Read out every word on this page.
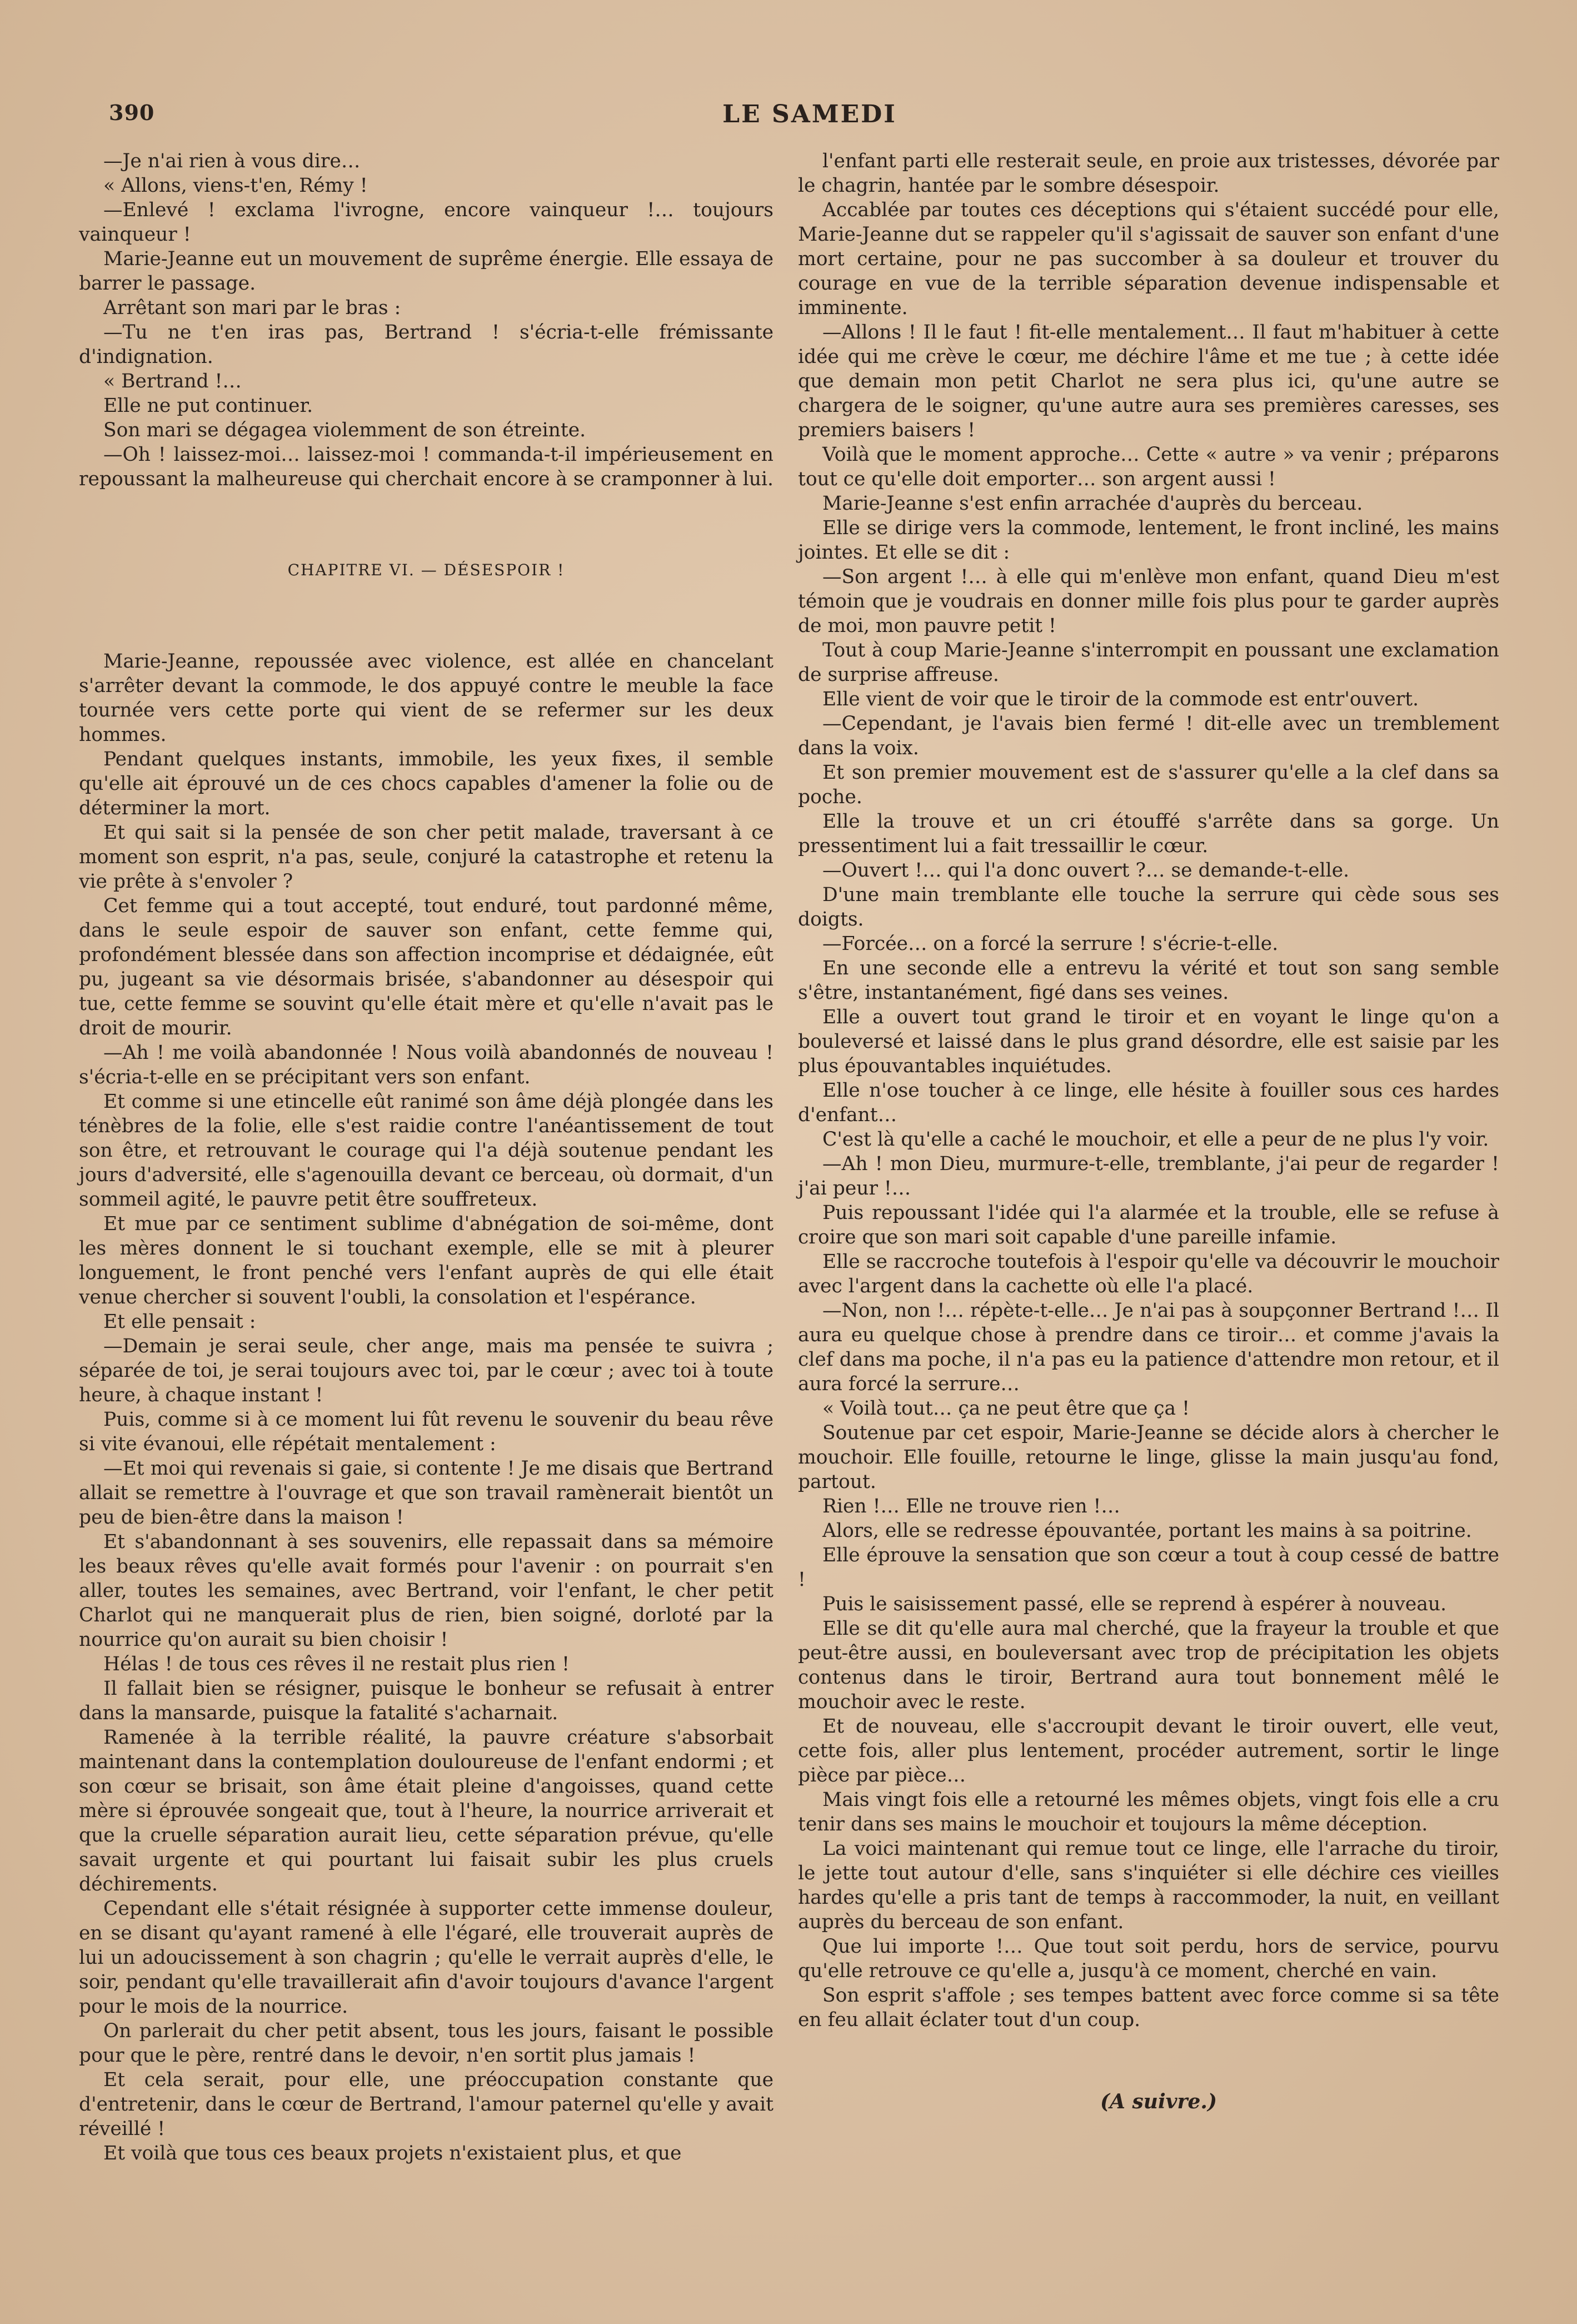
390	LE SAMEDI

—Je n'ai rien à vous dire…

« Allons, viens-t'en, Rémy !

—Enlevé ! exclama l'ivrogne, encore vainqueur !… toujours vainqueur !

Marie-Jeanne eut un mouvement de suprême énergie. Elle essaya de barrer le passage.

Arrêtant son mari par le bras :

—Tu ne t'en iras pas, Bertrand ! s'écria-t-elle frémissante d'indignation.

« Bertrand !…

Elle ne put continuer.

Son mari se dégagea violemment de son étreinte.

—Oh ! laissez-moi… laissez-moi ! commanda-t-il impérieusement en repoussant la malheureuse qui cherchait encore à se cramponner à lui.

CHAPITRE VI. — DÉSESPOIR !

Marie-Jeanne, repoussée avec violence, est allée en chancelant s'arrêter devant la commode, le dos appuyé contre le meuble la face tournée vers cette porte qui vient de se refermer sur les deux hommes.

Pendant quelques instants, immobile, les yeux fixes, il semble qu'elle ait éprouvé un de ces chocs capables d'amener la folie ou de déterminer la mort.

Et qui sait si la pensée de son cher petit malade, traversant à ce moment son esprit, n'a pas, seule, conjuré la catastrophe et retenu la vie prête à s'envoler ?

Cet femme qui a tout accepté, tout enduré, tout pardonné même, dans le seule espoir de sauver son enfant, cette femme qui, profondément blessée dans son affection incomprise et dédaignée, eût pu, jugeant sa vie désormais brisée, s'abandonner au désespoir qui tue, cette femme se souvint qu'elle était mère et qu'elle n'avait pas le droit de mourir.

—Ah ! me voilà abandonnée ! Nous voilà abandonnés de nouveau ! s'écria-t-elle en se précipitant vers son enfant.

Et comme si une etincelle eût ranimé son âme déjà plongée dans les ténèbres de la folie, elle s'est raidie contre l'anéantissement de tout son être, et retrouvant le courage qui l'a déjà soutenue pendant les jours d'adversité, elle s'agenouilla devant ce berceau, où dormait, d'un sommeil agité, le pauvre petit être souffreteux.

Et mue par ce sentiment sublime d'abnégation de soi-même, dont les mères donnent le si touchant exemple, elle se mit à pleurer longuement, le front penché vers l'enfant auprès de qui elle était venue chercher si souvent l'oubli, la consolation et l'espérance.

Et elle pensait :

—Demain je serai seule, cher ange, mais ma pensée te suivra ; séparée de toi, je serai toujours avec toi, par le cœur ; avec toi à toute heure, à chaque instant !

Puis, comme si à ce moment lui fût revenu le souvenir du beau rêve si vite évanoui, elle répétait mentalement :

—Et moi qui revenais si gaie, si contente ! Je me disais que Bertrand allait se remettre à l'ouvrage et que son travail ramènerait bientôt un peu de bien-être dans la maison !

Et s'abandonnant à ses souvenirs, elle repassait dans sa mémoire les beaux rêves qu'elle avait formés pour l'avenir : on pourrait s'en aller, toutes les semaines, avec Bertrand, voir l'enfant, le cher petit Charlot qui ne manquerait plus de rien, bien soigné, dorloté par la nourrice qu'on aurait su bien choisir !

Hélas ! de tous ces rêves il ne restait plus rien !

Il fallait bien se résigner, puisque le bonheur se refusait à entrer dans la mansarde, puisque la fatalité s'acharnait.

Ramenée à la terrible réalité, la pauvre créature s'absorbait maintenant dans la contemplation douloureuse de l'enfant endormi ; et son cœur se brisait, son âme était pleine d'angoisses, quand cette mère si éprouvée songeait que, tout à l'heure, la nourrice arriverait et que la cruelle séparation aurait lieu, cette séparation prévue, qu'elle savait urgente et qui pourtant lui faisait subir les plus cruels déchirements.

Cependant elle s'était résignée à supporter cette immense douleur, en se disant qu'ayant ramené à elle l'égaré, elle trouverait auprès de lui un adoucissement à son chagrin ; qu'elle le verrait auprès d'elle, le soir, pendant qu'elle travaillerait afin d'avoir toujours d'avance l'argent pour le mois de la nourrice.

On parlerait du cher petit absent, tous les jours, faisant le possible pour que le père, rentré dans le devoir, n'en sortit plus jamais !

Et cela serait, pour elle, une préoccupation constante que d'entretenir, dans le cœur de Bertrand, l'amour paternel qu'elle y avait réveillé !

Et voilà que tous ces beaux projets n'existaient plus, et que

l'enfant parti elle resterait seule, en proie aux tristesses, dévorée par le chagrin, hantée par le sombre désespoir.

Accablée par toutes ces déceptions qui s'étaient succédé pour elle, Marie-Jeanne dut se rappeler qu'il s'agissait de sauver son enfant d'une mort certaine, pour ne pas succomber à sa douleur et trouver du courage en vue de la terrible séparation devenue indispensable et imminente.

—Allons ! Il le faut ! fit-elle mentalement… Il faut m'habituer à cette idée qui me crève le cœur, me déchire l'âme et me tue ; à cette idée que demain mon petit Charlot ne sera plus ici, qu'une autre se chargera de le soigner, qu'une autre aura ses premières caresses, ses premiers baisers !

Voilà que le moment approche… Cette « autre » va venir ; préparons tout ce qu'elle doit emporter… son argent aussi !

Marie-Jeanne s'est enfin arrachée d'auprès du berceau.

Elle se dirige vers la commode, lentement, le front incliné, les mains jointes. Et elle se dit :

—Son argent !… à elle qui m'enlève mon enfant, quand Dieu m'est témoin que je voudrais en donner mille fois plus pour te garder auprès de moi, mon pauvre petit !

Tout à coup Marie-Jeanne s'interrompit en poussant une exclamation de surprise affreuse.

Elle vient de voir que le tiroir de la commode est entr'ouvert.

—Cependant, je l'avais bien fermé ! dit-elle avec un tremblement dans la voix.

Et son premier mouvement est de s'assurer qu'elle a la clef dans sa poche.

Elle la trouve et un cri étouffé s'arrête dans sa gorge. Un pressentiment lui a fait tressaillir le cœur.

—Ouvert !… qui l'a donc ouvert ?… se demande-t-elle.

D'une main tremblante elle touche la serrure qui cède sous ses doigts.

—Forcée… on a forcé la serrure ! s'écrie-t-elle.

En une seconde elle a entrevu la vérité et tout son sang semble s'être, instantanément, figé dans ses veines.

Elle a ouvert tout grand le tiroir et en voyant le linge qu'on a bouleversé et laissé dans le plus grand désordre, elle est saisie par les plus épouvantables inquiétudes.

Elle n'ose toucher à ce linge, elle hésite à fouiller sous ces hardes d'enfant…

C'est là qu'elle a caché le mouchoir, et elle a peur de ne plus l'y voir.

—Ah ! mon Dieu, murmure-t-elle, tremblante, j'ai peur de regarder ! j'ai peur !…

Puis repoussant l'idée qui l'a alarmée et la trouble, elle se refuse à croire que son mari soit capable d'une pareille infamie.

Elle se raccroche toutefois à l'espoir qu'elle va découvrir le mouchoir avec l'argent dans la cachette où elle l'a placé.

—Non, non !… répète-t-elle… Je n'ai pas à soupçonner Bertrand !… Il aura eu quelque chose à prendre dans ce tiroir… et comme j'avais la clef dans ma poche, il n'a pas eu la patience d'attendre mon retour, et il aura forcé la serrure…

« Voilà tout… ça ne peut être que ça !

Soutenue par cet espoir, Marie-Jeanne se décide alors à chercher le mouchoir. Elle fouille, retourne le linge, glisse la main jusqu'au fond, partout.

Rien !… Elle ne trouve rien !…

Alors, elle se redresse épouvantée, portant les mains à sa poitrine.

Elle éprouve la sensation que son cœur a tout à coup cessé de battre !

Puis le saisissement passé, elle se reprend à espérer à nouveau.

Elle se dit qu'elle aura mal cherché, que la frayeur la trouble et que peut-être aussi, en bouleversant avec trop de précipitation les objets contenus dans le tiroir, Bertrand aura tout bonnement mêlé le mouchoir avec le reste.

Et de nouveau, elle s'accroupit devant le tiroir ouvert, elle veut, cette fois, aller plus lentement, procéder autrement, sortir le linge pièce par pièce…

Mais vingt fois elle a retourné les mêmes objets, vingt fois elle a cru tenir dans ses mains le mouchoir et toujours la même déception.

La voici maintenant qui remue tout ce linge, elle l'arrache du tiroir, le jette tout autour d'elle, sans s'inquiéter si elle déchire ces vieilles hardes qu'elle a pris tant de temps à raccommoder, la nuit, en veillant auprès du berceau de son enfant.

Que lui importe !… Que tout soit perdu, hors de service, pourvu qu'elle retrouve ce qu'elle a, jusqu'à ce moment, cherché en vain.

Son esprit s'affole ; ses tempes battent avec force comme si sa tête en feu allait éclater tout d'un coup.

(A suivre.)
